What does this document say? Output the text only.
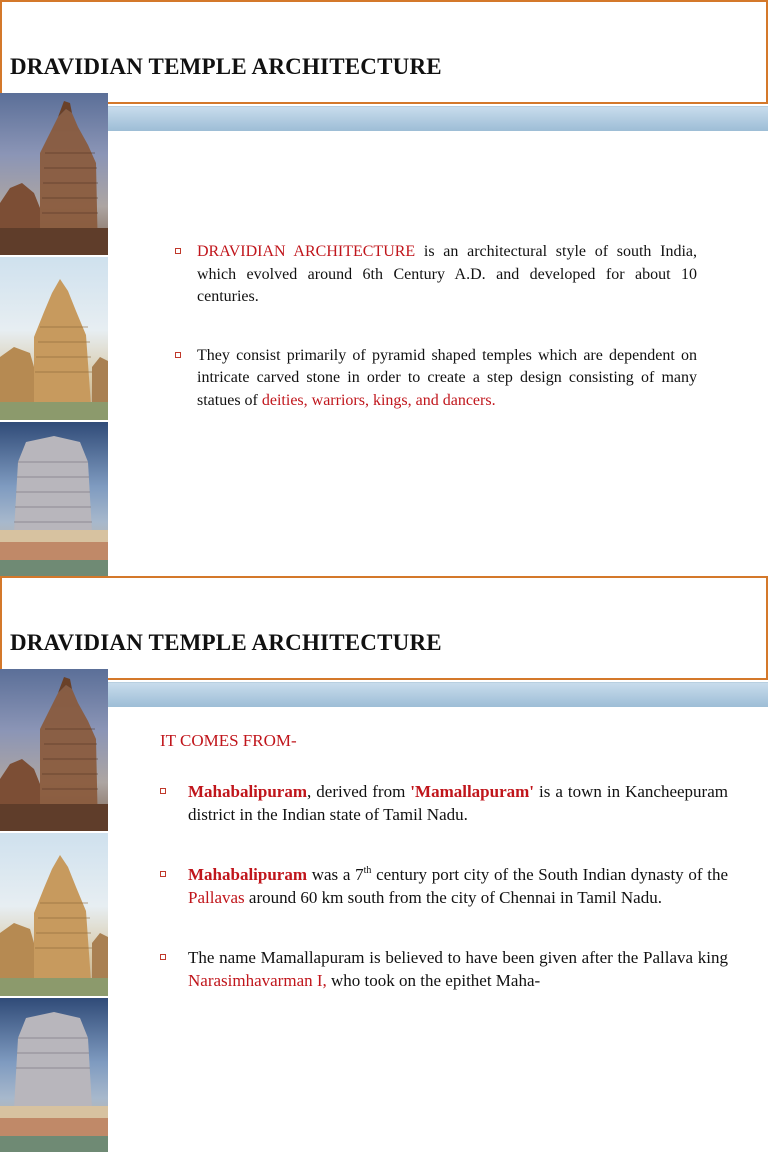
DRAVIDIAN TEMPLE ARCHITECTURE
DRAVIDIAN ARCHITECTURE is an architectural style of south India, which evolved around 6th Century A.D. and developed for about 10 centuries.
They consist primarily of pyramid shaped temples which are dependent on intricate carved stone in order to create a step design consisting of many statues of deities, warriors, kings, and dancers.
DRAVIDIAN TEMPLE ARCHITECTURE
IT COMES FROM-
Mahabalipuram, derived from 'Mamallapuram' is a town in Kancheepuram district in the Indian state of Tamil Nadu.
Mahabalipuram was a 7th century port city of the South Indian dynasty of the Pallavas around 60 km south from the city of Chennai in Tamil Nadu.
The name Mamallapuram is believed to have been given after the Pallava king Narasimhavarman I, who took on the epithet Maha-
